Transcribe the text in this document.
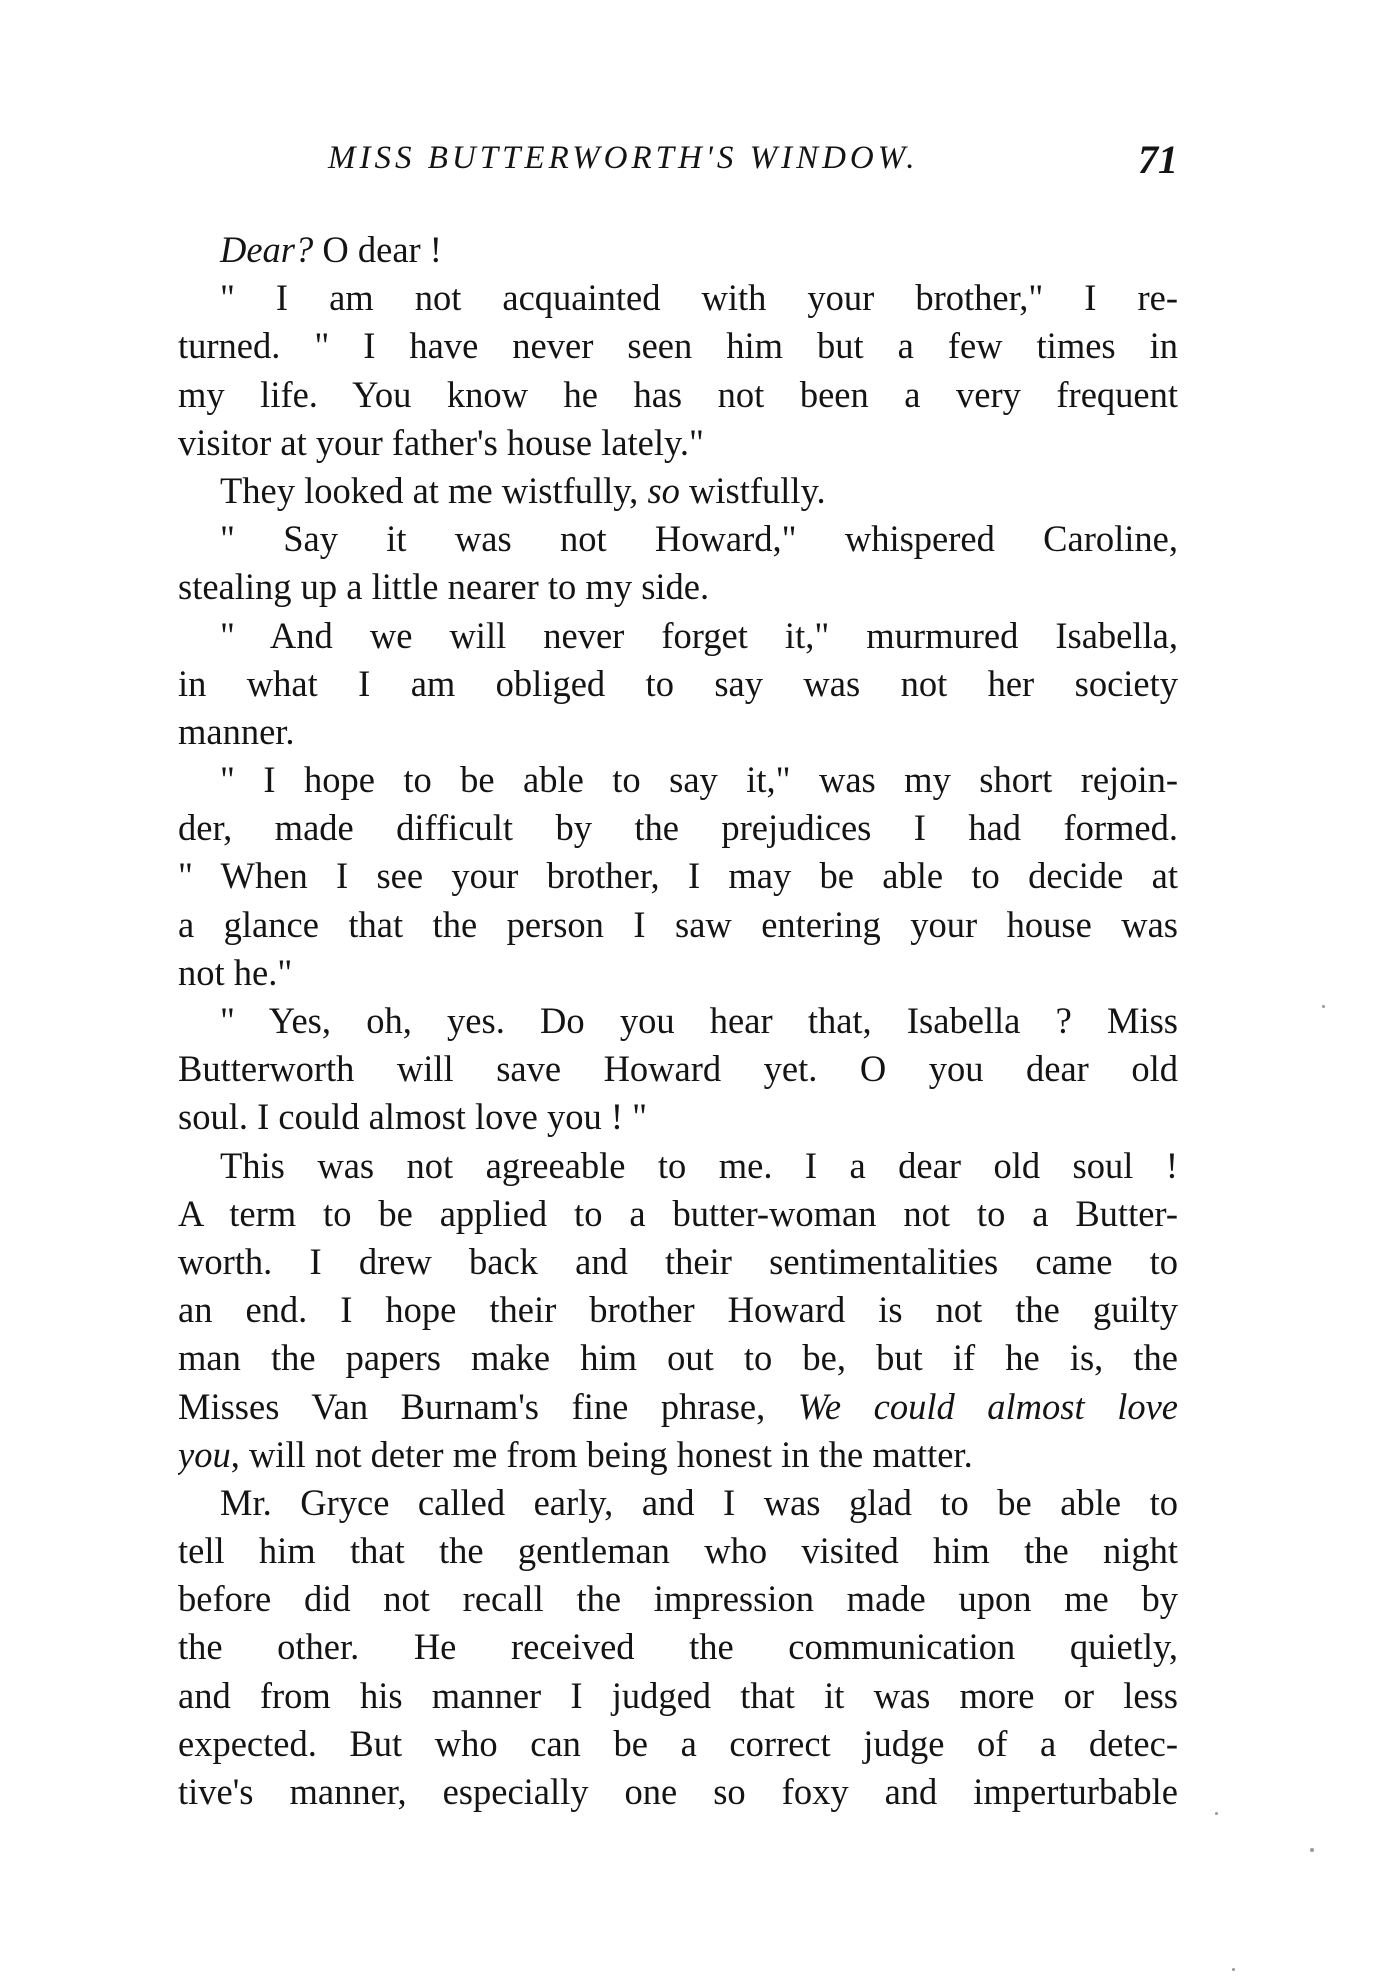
MISS BUTTERWORTH'S WINDOW.	71
Dear? O dear !
" I am not acquainted with your brother," I re-
turned. " I have never seen him but a few times in
my life. You know he has not been a very frequent
visitor at your father's house lately."
They looked at me wistfully, so wistfully.
" Say it was not Howard," whispered Caroline,
stealing up a little nearer to my side.
" And we will never forget it," murmured Isabella,
in what I am obliged to say was not her society
manner.
" I hope to be able to say it," was my short rejoin-
der, made difficult by the prejudices I had formed.
" When I see your brother, I may be able to decide at
a glance that the person I saw entering your house was
not he."
" Yes, oh, yes. Do you hear that, Isabella ? Miss
Butterworth will save Howard yet. O you dear old
soul. I could almost love you ! "
This was not agreeable to me. I a dear old soul !
A term to be applied to a butter-woman not to a Butter-
worth. I drew back and their sentimentalities came to
an end. I hope their brother Howard is not the guilty
man the papers make him out to be, but if he is, the
Misses Van Burnam's fine phrase, We could almost love
you, will not deter me from being honest in the matter.
Mr. Gryce called early, and I was glad to be able to
tell him that the gentleman who visited him the night
before did not recall the impression made upon me by
the other. He received the communication quietly,
and from his manner I judged that it was more or less
expected. But who can be a correct judge of a detec-
tive's manner, especially one so foxy and imperturbable
